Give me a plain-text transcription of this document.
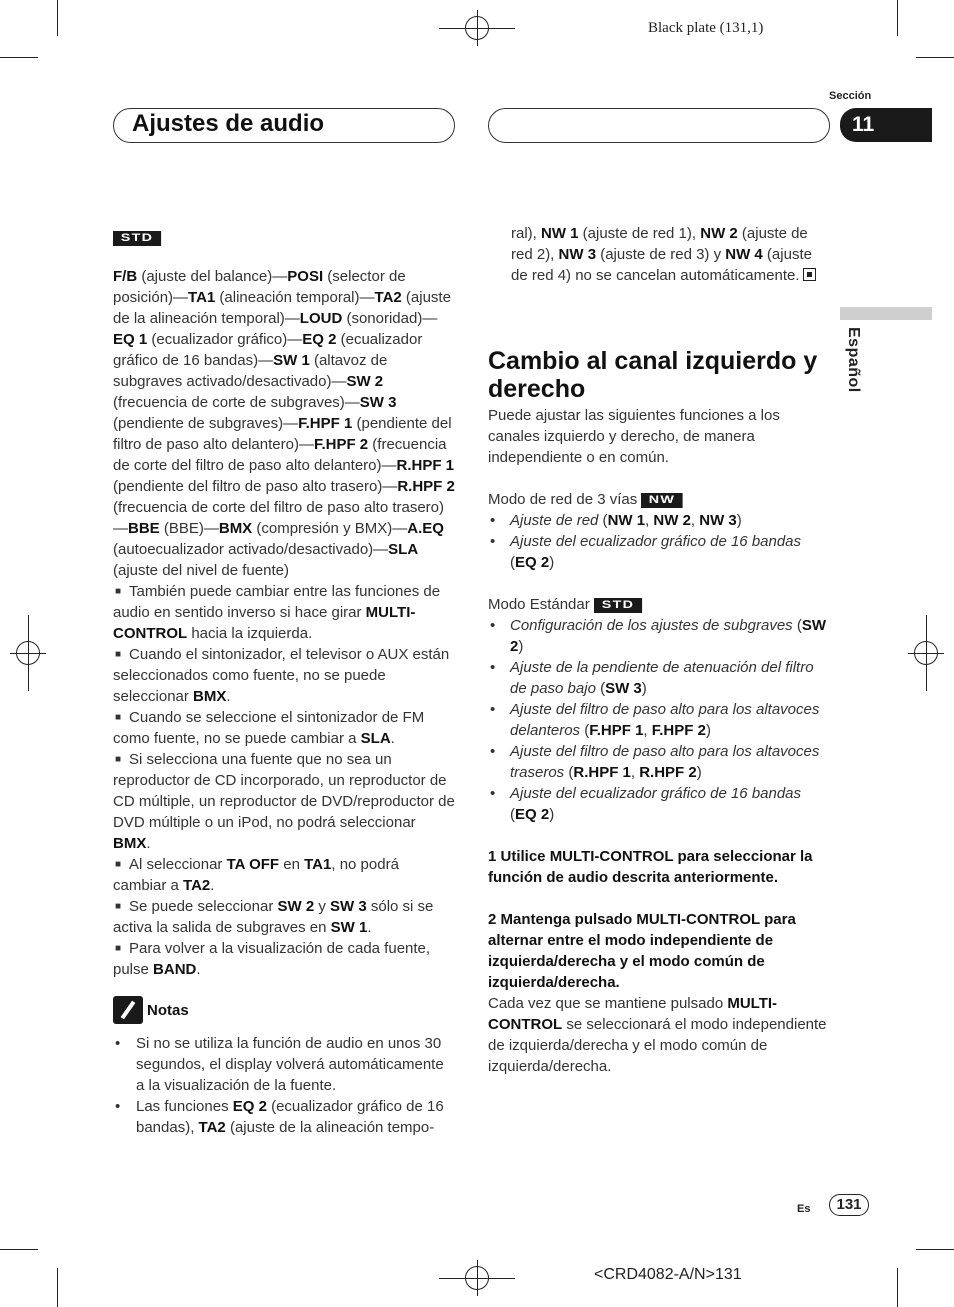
Black plate (131,1)
Ajustes de audio
Sección
11
Español

STD

F/B (ajuste del balance)—POSI (selector de posición)—TA1 (alineación temporal)—TA2 (ajuste de la alineación temporal)—LOUD (sonoridad)—EQ 1 (ecualizador gráfico)—EQ 2 (ecualizador gráfico de 16 bandas)—SW 1 (altavoz de subgraves activado/desactivado)—SW 2 (frecuencia de corte de subgraves)—SW 3 (pendiente de subgraves)—F.HPF 1 (pendiente del filtro de paso alto delantero)—F.HPF 2 (frecuencia de corte del filtro de paso alto delantero)—R.HPF 1 (pendiente del filtro de paso alto trasero)—R.HPF 2 (frecuencia de corte del filtro de paso alto trasero)—BBE (BBE)—BMX (compresión y BMX)—A.EQ (autoecualizador activado/desactivado)—SLA (ajuste del nivel de fuente)

■ También puede cambiar entre las funciones de audio en sentido inverso si hace girar MULTI-CONTROL hacia la izquierda.

■ Cuando el sintonizador, el televisor o AUX están seleccionados como fuente, no se puede seleccionar BMX.

■ Cuando se seleccione el sintonizador de FM como fuente, no se puede cambiar a SLA.

■ Si selecciona una fuente que no sea un reproductor de CD incorporado, un reproductor de CD múltiple, un reproductor de DVD/reproductor de DVD múltiple o un iPod, no podrá seleccionar BMX.

■ Al seleccionar TA OFF en TA1, no podrá cambiar a TA2.

■ Se puede seleccionar SW 2 y SW 3 sólo si se activa la salida de subgraves en SW 1.

■ Para volver a la visualización de cada fuente, pulse BAND.

Notas

• Si no se utiliza la función de audio en unos 30 segundos, el display volverá automáticamente a la visualización de la fuente.

• Las funciones EQ 2 (ecualizador gráfico de 16 bandas), TA2 (ajuste de la alineación tempo-

ral), NW 1 (ajuste de red 1), NW 2 (ajuste de red 2), NW 3 (ajuste de red 3) y NW 4 (ajuste de red 4) no se cancelan automáticamente.

Cambio al canal izquierdo y derecho

Puede ajustar las siguientes funciones a los canales izquierdo y derecho, de manera independiente o en común.

Modo de red de 3 vías NW

• Ajuste de red (NW 1, NW 2, NW 3)

• Ajuste del ecualizador gráfico de 16 bandas (EQ 2)

Modo Estándar STD

• Configuración de los ajustes de subgraves (SW 2)

• Ajuste de la pendiente de atenuación del filtro de paso bajo (SW 3)

• Ajuste del filtro de paso alto para los altavoces delanteros (F.HPF 1, F.HPF 2)

• Ajuste del filtro de paso alto para los altavoces traseros (R.HPF 1, R.HPF 2)

• Ajuste del ecualizador gráfico de 16 bandas (EQ 2)

1 Utilice MULTI-CONTROL para seleccionar la función de audio descrita anteriormente.

2 Mantenga pulsado MULTI-CONTROL para alternar entre el modo independiente de izquierda/derecha y el modo común de izquierda/derecha.

Cada vez que se mantiene pulsado MULTI-CONTROL se seleccionará el modo independiente de izquierda/derecha y el modo común de izquierda/derecha.

Es	131
<CRD4082-A/N>131
